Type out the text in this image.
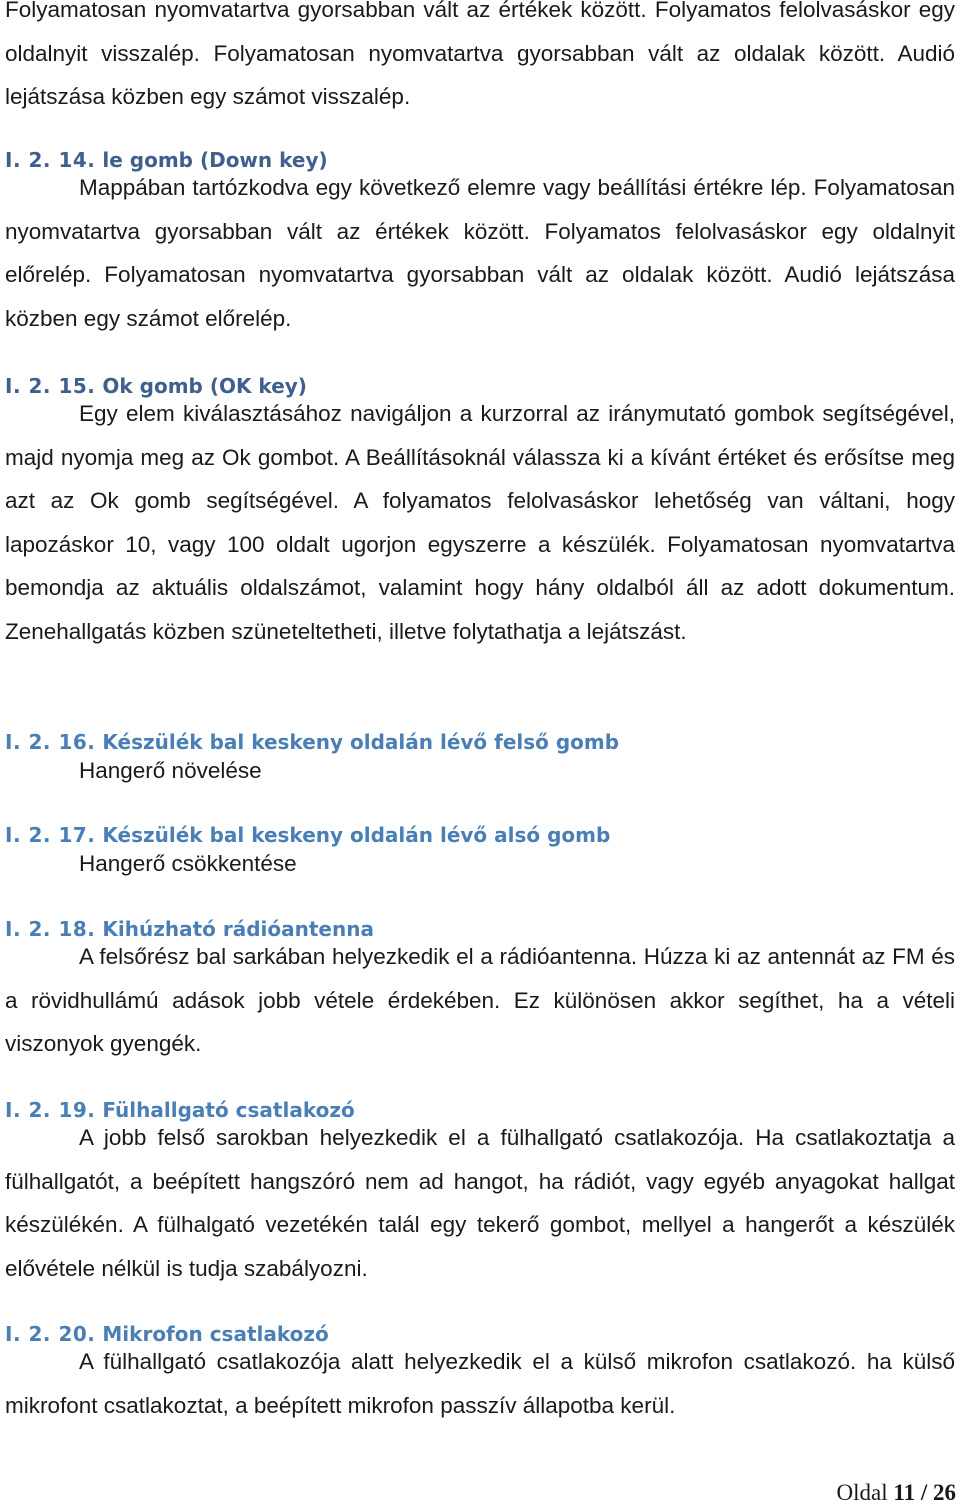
Folyamatosan nyomvatartva gyorsabban vált az értékek között. Folyamatos felolvasáskor egy oldalnyit visszalép. Folyamatosan nyomvatartva gyorsabban vált az oldalak között. Audió lejátszása közben egy számot visszalép.

I. 2. 14. le gomb (Down key)

Mappában tartózkodva egy következő elemre vagy beállítási értékre lép. Folyamatosan nyomvatartva gyorsabban vált az értékek között. Folyamatos felolvasáskor egy oldalnyit előrelép. Folyamatosan nyomvatartva gyorsabban vált az oldalak között. Audió lejátszása közben egy számot előrelép.

I. 2. 15. Ok gomb (OK key)

Egy elem kiválasztásához navigáljon a kurzorral az iránymutató gombok segítségével, majd nyomja meg az Ok gombot. A Beállításoknál válassza ki a kívánt értéket és erősítse meg azt az Ok gomb segítségével. A folyamatos felolvasáskor lehetőség van váltani, hogy lapozáskor 10, vagy 100 oldalt ugorjon egyszerre a készülék. Folyamatosan nyomvatartva bemondja az aktuális oldalszámot, valamint hogy hány oldalból áll az adott dokumentum. Zenehallgatás közben szüneteltetheti, illetve folytathatja a lejátszást.

I. 2. 16. Készülék bal keskeny oldalán lévő felső gomb

Hangerő növelése

I. 2. 17. Készülék bal keskeny oldalán lévő alsó gomb

Hangerő csökkentése

I. 2. 18. Kihúzható rádióantenna

A felsőrész bal sarkában helyezkedik el a rádióantenna. Húzza ki az antennát az FM és a rövidhullámú adások jobb vétele érdekében. Ez különösen akkor segíthet, ha a vételi viszonyok gyengék.

I. 2. 19. Fülhallgató csatlakozó

A jobb felső sarokban helyezkedik el a fülhallgató csatlakozója. Ha csatlakoztatja a fülhallgatót, a beépített hangszóró nem ad hangot, ha rádiót, vagy egyéb anyagokat hallgat készülékén. A fülhalgató vezetékén talál egy tekerő gombot, mellyel a hangerőt a készülék elővétele nélkül is tudja szabályozni.

I. 2. 20. Mikrofon csatlakozó

A fülhallgató csatlakozója alatt helyezkedik el a külső mikrofon csatlakozó. ha külső mikrofont csatlakoztat, a beépített mikrofon passzív állapotba kerül.

Oldal 11 / 26
